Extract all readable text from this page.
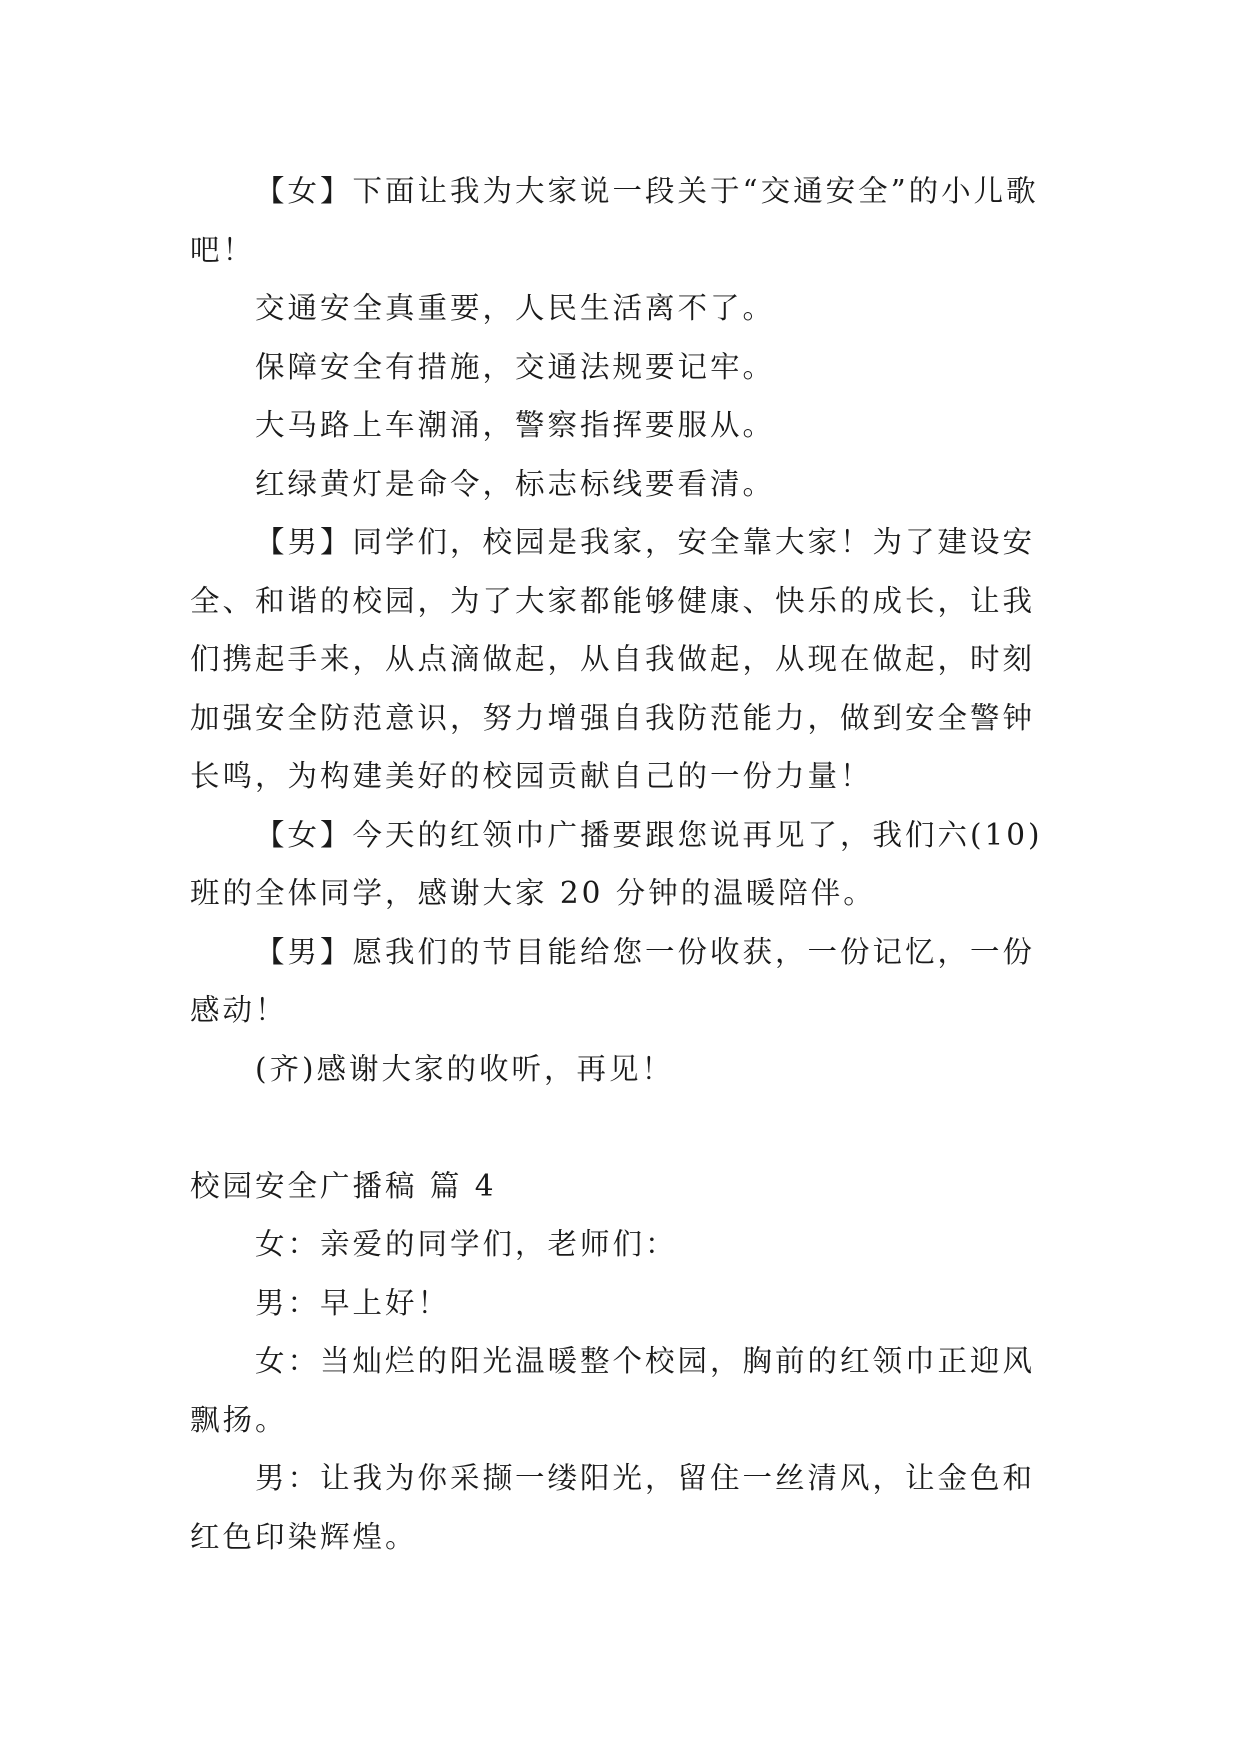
【女】下面让我为大家说一段关于“交通安全”的小儿歌吧！

交通安全真重要，人民生活离不了。

保障安全有措施，交通法规要记牢。

大马路上车潮涌，警察指挥要服从。

红绿黄灯是命令，标志标线要看清。

【男】同学们，校园是我家，安全靠大家！为了建设安全、和谐的校园，为了大家都能够健康、快乐的成长，让我们携起手来，从点滴做起，从自我做起，从现在做起，时刻加强安全防范意识，努力增强自我防范能力，做到安全警钟长鸣，为构建美好的校园贡献自己的一份力量！

【女】今天的红领巾广播要跟您说再见了，我们六(10)班的全体同学，感谢大家 20 分钟的温暖陪伴。

【男】愿我们的节目能给您一份收获，一份记忆，一份感动！

(齐)感谢大家的收听，再见！

校园安全广播稿 篇 4

女：亲爱的同学们，老师们：

男：早上好！

女：当灿烂的阳光温暖整个校园，胸前的红领巾正迎风飘扬。

男：让我为你采撷一缕阳光，留住一丝清风，让金色和红色印染辉煌。
